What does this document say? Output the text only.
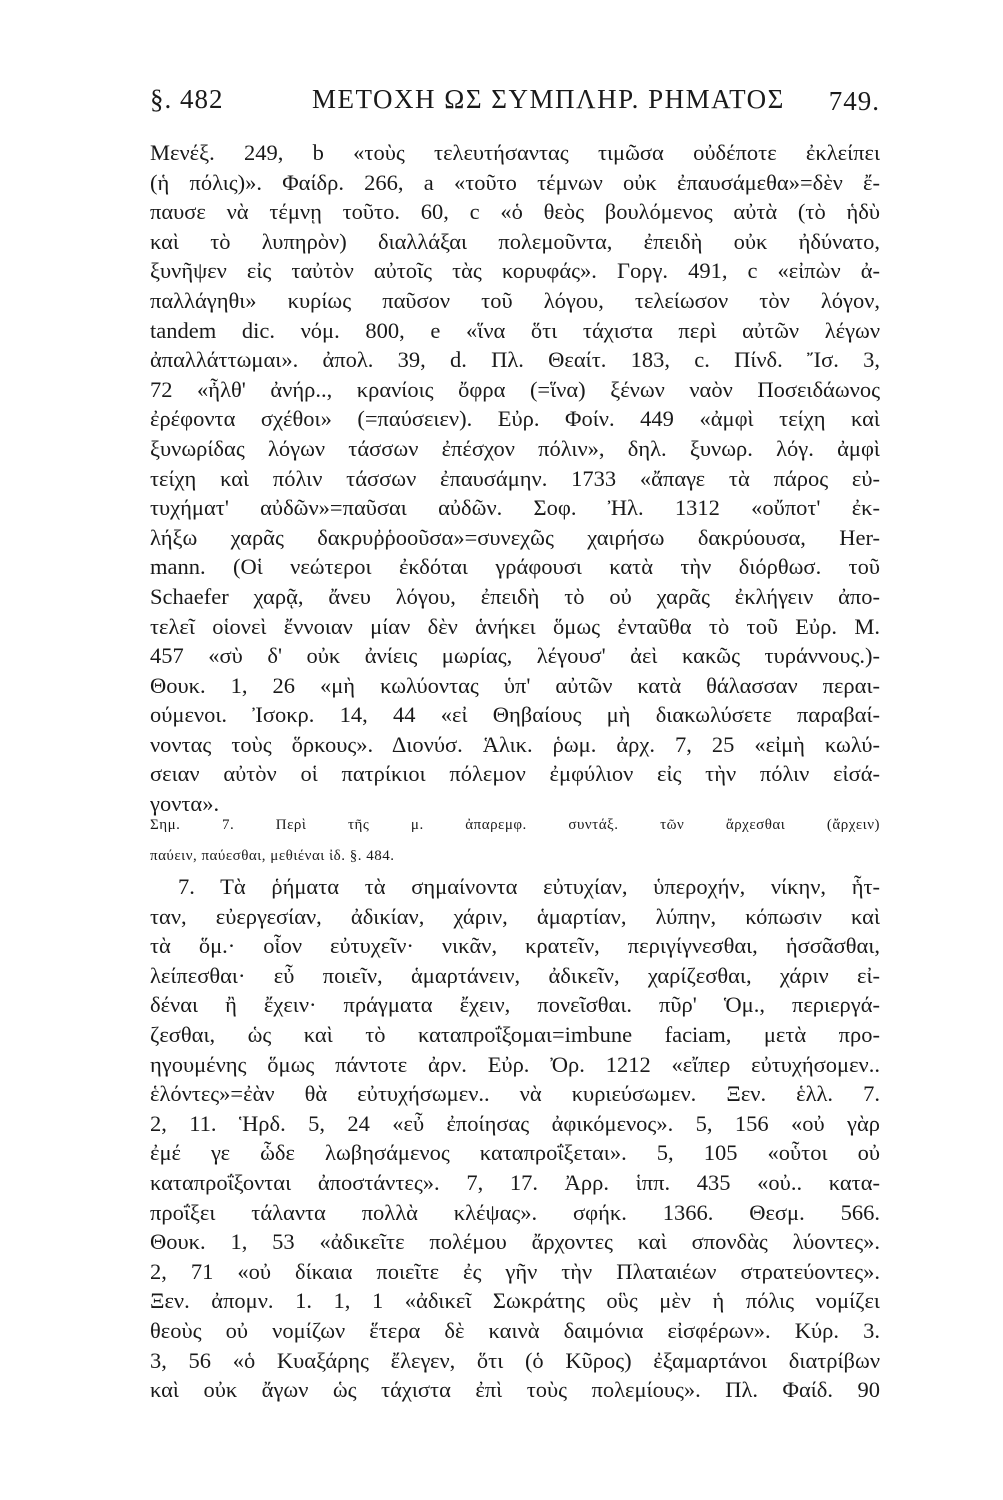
§. 482	ΜΕΤΟΧΗ ΩΣ ΣΥΜΠΛΗΡ. ΡΗΜΑΤΟΣ 749.

Μενέξ. 249, b «τοὺς τελευτήσαντας τιμῶσα οὐδέποτε ἐκλείπει

(ἡ πόλις)». Φαίδρ. 266, a «τοῦτο τέμνων οὐκ ἐπαυσάμεθα»=δὲν ἔ-

παυσε νὰ τέμνῃ τοῦτο. 60, c «ὁ θεὸς βουλόμενος αὐτὰ (τὸ ἡδὺ

καὶ τὸ λυπηρὸν) διαλλάξαι πολεμοῦντα, ἐπειδὴ οὐκ ἠδύνατο,

ξυνῆψεν εἰς ταὐτὸν αὐτοῖς τὰς κορυφάς». Γοργ. 491, c «εἰπὼν ἀ-

παλλάγηθι» κυρίως παῦσον τοῦ λόγου, τελείωσον τὸν λόγον,

tandem dic. νόμ. 800, e «ἵνα ὅτι τάχιστα περὶ αὐτῶν λέγων

ἀπαλλάττωμαι». ἀπολ. 39, d. Πλ. Θεαίτ. 183, c. Πίνδ. Ἴσ. 3,

72 «ἦλθ' ἀνήρ.., κρανίοις ὄφρα (=ἵνα) ξένων ναὸν Ποσειδάωνος

ἐρέφοντα σχέθοι» (=παύσειεν). Εὐρ. Φοίν. 449 «ἀμφὶ τείχη καὶ

ξυνωρίδας λόγων τάσσων ἐπέσχον πόλιν», δηλ. ξυνωρ. λόγ. ἀμφὶ

τείχη καὶ πόλιν τάσσων ἐπαυσάμην. 1733 «ἄπαγε τὰ πάρος εὐ-

τυχήματ' αὐδῶν»=παῦσαι αὐδῶν. Σοφ. Ἠλ. 1312 «οὔποτ' ἐκ-

λήξω χαρᾶς δακρυῤῥοοῦσα»=συνεχῶς χαιρήσω δακρύουσα, Her-

mann. (Οἱ νεώτεροι ἐκδόται γράφουσι κατὰ τὴν διόρθωσ. τοῦ

Schaefer χαρᾷ, ἄνευ λόγου, ἐπειδὴ τὸ οὐ χαρᾶς ἐκλήγειν ἀπο-

τελεῖ οἱονεὶ ἔννοιαν μίαν δὲν ἁνήκει ὅμως ἐνταῦθα τὸ τοῦ Εὐρ. Μ.

457 «σὺ δ' οὐκ ἀνίεις μωρίας, λέγουσ' ἀεὶ κακῶς τυράννους.)-

Θουκ. 1, 26 «μὴ κωλύοντας ὑπ' αὐτῶν κατὰ θάλασσαν περαι-

ούμενοι. Ἰσοκρ. 14, 44 «εἰ Θηβαίους μὴ διακωλύσετε παραβαί-

νοντας τοὺς ὅρκους». Διονύσ. Ἁλικ. ῥωμ. ἀρχ. 7, 25 «εἰμὴ κωλύ-

σειαν αὐτὸν οἱ πατρίκιοι πόλεμον ἐμφύλιον εἰς τὴν πόλιν εἰσά-

γοντα».

Σημ. 7. Περὶ τῆς μ. ἀπαρεμφ. συντάξ. τῶν ἄρχεσθαι (ἄρχειν)

παύειν, παύεσθαι, μεθιέναι ἰδ. §. 484.

7. Τὰ ῥήματα τὰ σημαίνοντα εὐτυχίαν, ὑπεροχήν, νίκην, ἧτ-

ταν, εὐεργεσίαν, ἀδικίαν, χάριν, ἁμαρτίαν, λύπην, κόπωσιν καὶ

τὰ ὅμ.· οἷον εὐτυχεῖν· νικᾶν, κρατεῖν, περιγίγνεσθαι, ἡσσᾶσθαι,

λείπεσθαι· εὖ ποιεῖν, ἁμαρτάνειν, ἀδικεῖν, χαρίζεσθαι, χάριν εἰ-

δέναι ἢ ἔχειν· πράγματα ἔχειν, πονεῖσθαι. πῦρ' Ὁμ., περιεργά-

ζεσθαι, ὡς καὶ τὸ καταπροΐξομαι=imbune faciam, μετὰ προ-

ηγουμένης ὅμως πάντοτε ἀρν. Εὐρ. Ὀρ. 1212 «εἴπερ εὐτυχήσομεν..

ἑλόντες»=ἐὰν θὰ εὐτυχήσωμεν.. νὰ κυριεύσωμεν. Ξεν. ἑλλ. 7.

2, 11. Ἡρδ. 5, 24 «εὖ ἐποίησας ἀφικόμενος». 5, 156 «οὐ γὰρ

ἐμέ γε ὧδε λωβησάμενος καταπροΐξεται». 5, 105 «οὗτοι οὐ

καταπροΐξονται ἀποστάντες». 7, 17. Ἀρρ. ἱππ. 435 «οὐ.. κατα-

προΐξει τάλαντα πολλὰ κλέψας». σφήκ. 1366. Θεσμ. 566.

Θουκ. 1, 53 «ἀδικεῖτε πολέμου ἄρχοντες καὶ σπονδὰς λύοντες».

2, 71 «οὐ δίκαια ποιεῖτε ἐς γῆν τὴν Πλαταιέων στρατεύοντες».

Ξεν. ἀπομν. 1. 1, 1 «ἀδικεῖ Σωκράτης οὓς μὲν ἡ πόλις νομίζει

θεοὺς οὐ νομίζων ἕτερα δὲ καινὰ δαιμόνια εἰσφέρων». Κύρ. 3.

3, 56 «ὁ Κυαξάρης ἔλεγεν, ὅτι (ὁ Κῦρος) ἐξαμαρτάνοι διατρίβων

καὶ οὐκ ἄγων ὡς τάχιστα ἐπὶ τοὺς πολεμίους». Πλ. Φαίδ. 90
